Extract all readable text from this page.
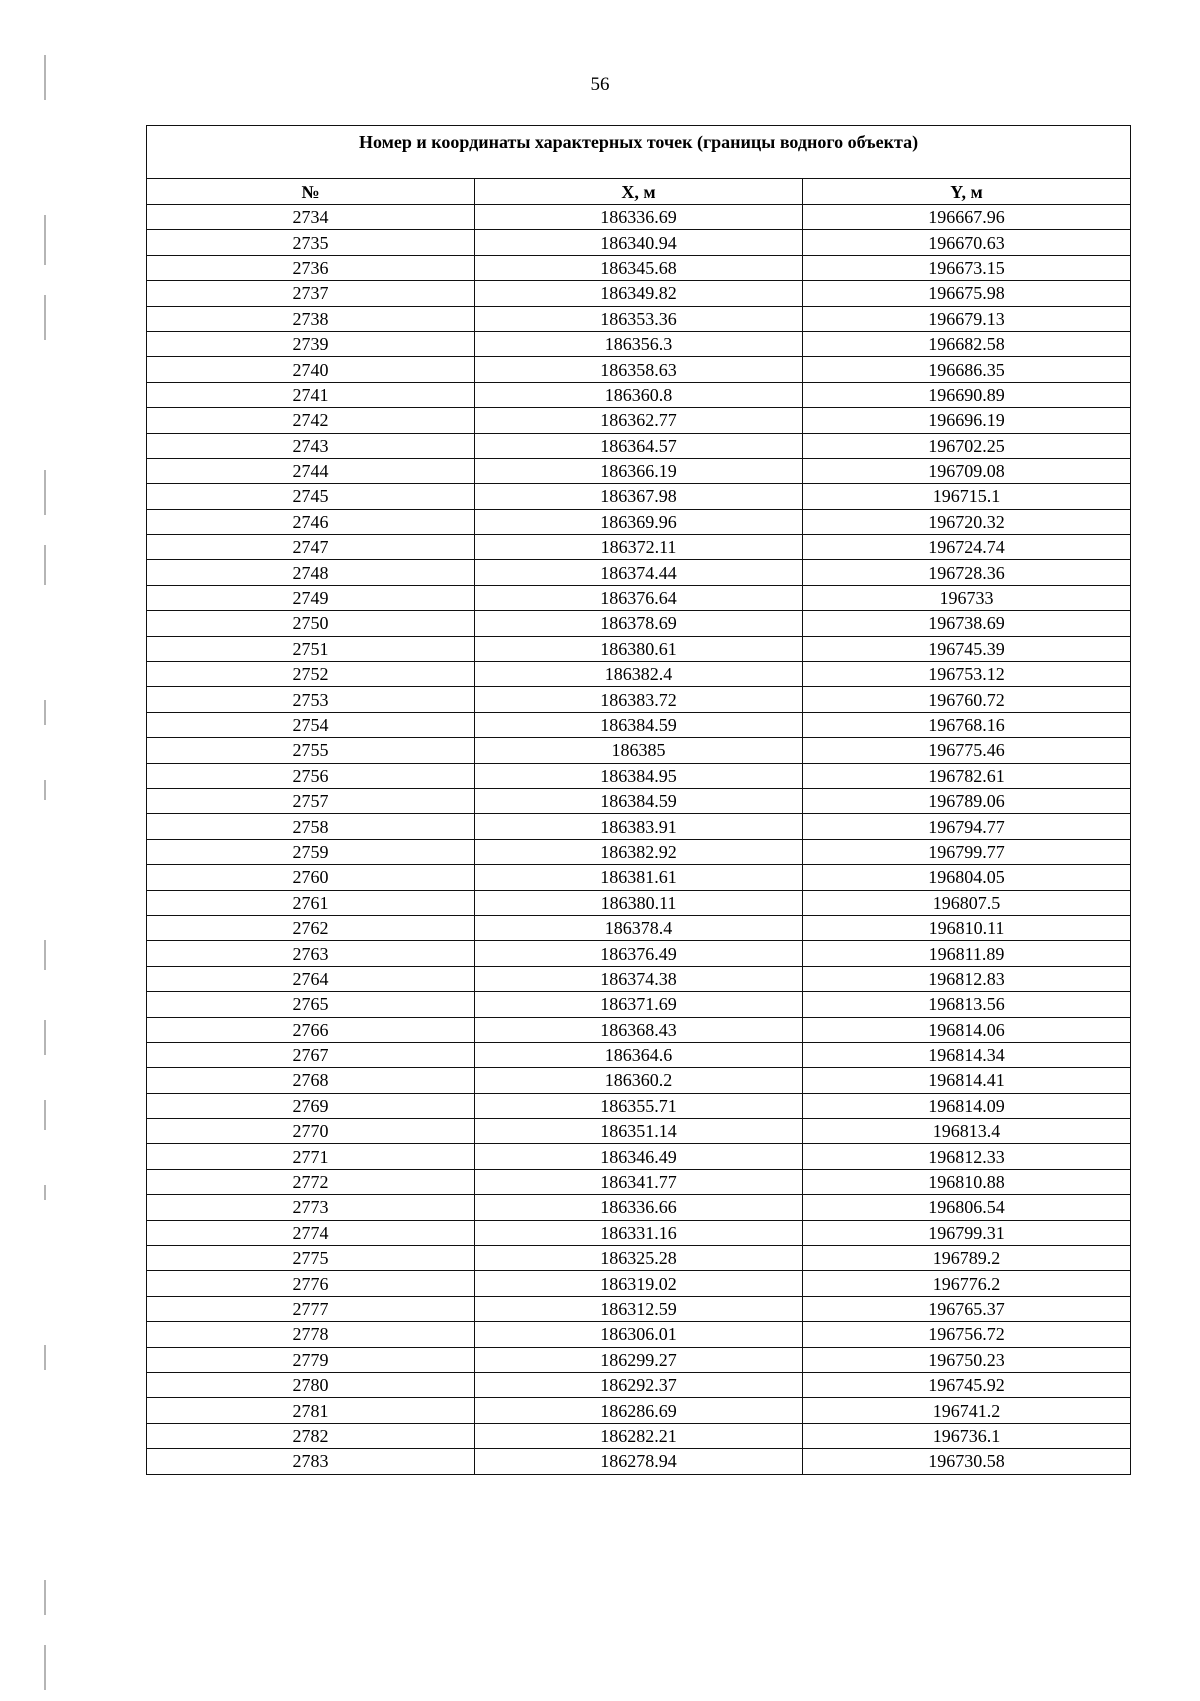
56
Номер и координаты характерных точек (границы водного объекта)		
№	X, м	Y, м
2734	186336.69	196667.96
2735	186340.94	196670.63
2736	186345.68	196673.15
2737	186349.82	196675.98
2738	186353.36	196679.13
2739	186356.3	196682.58
2740	186358.63	196686.35
2741	186360.8	196690.89
2742	186362.77	196696.19
2743	186364.57	196702.25
2744	186366.19	196709.08
2745	186367.98	196715.1
2746	186369.96	196720.32
2747	186372.11	196724.74
2748	186374.44	196728.36
2749	186376.64	196733
2750	186378.69	196738.69
2751	186380.61	196745.39
2752	186382.4	196753.12
2753	186383.72	196760.72
2754	186384.59	196768.16
2755	186385	196775.46
2756	186384.95	196782.61
2757	186384.59	196789.06
2758	186383.91	196794.77
2759	186382.92	196799.77
2760	186381.61	196804.05
2761	186380.11	196807.5
2762	186378.4	196810.11
2763	186376.49	196811.89
2764	186374.38	196812.83
2765	186371.69	196813.56
2766	186368.43	196814.06
2767	186364.6	196814.34
2768	186360.2	196814.41
2769	186355.71	196814.09
2770	186351.14	196813.4
2771	186346.49	196812.33
2772	186341.77	196810.88
2773	186336.66	196806.54
2774	186331.16	196799.31
2775	186325.28	196789.2
2776	186319.02	196776.2
2777	186312.59	196765.37
2778	186306.01	196756.72
2779	186299.27	196750.23
2780	186292.37	196745.92
2781	186286.69	196741.2
2782	186282.21	196736.1
2783	186278.94	196730.58
